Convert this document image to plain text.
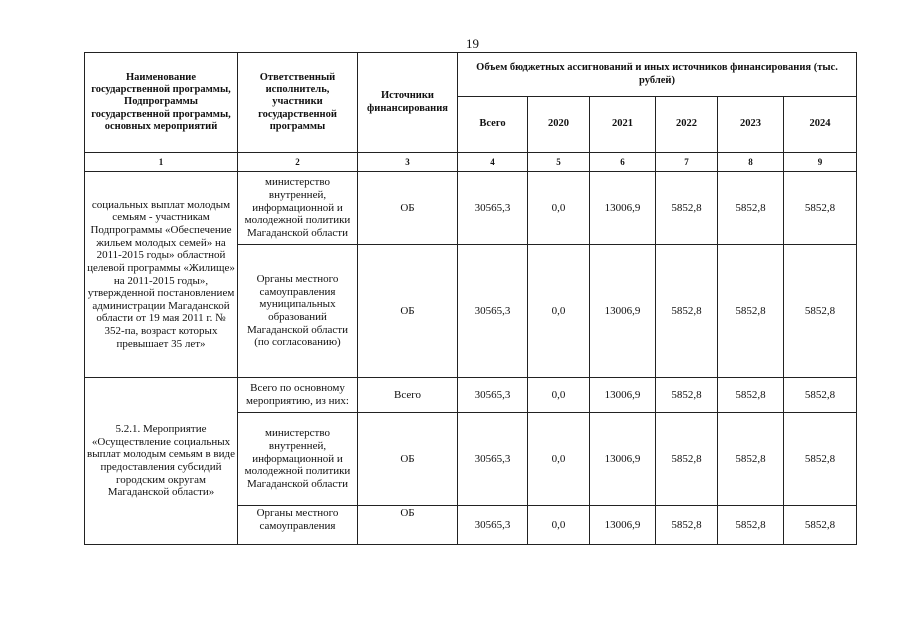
19
Наименование государственной программы, Подпрограммы государственной программы, основных мероприятий	Ответственный исполнитель, участники государственной программы	Источники финансирования	Объем бюджетных ассигнований и иных источников финансирования (тыс. рублей)					
			Всего	2020	2021	2022	2023	2024
1	2	3	4	5	6	7	8	9
социальных выплат молодым семьям - участникам Подпрограммы «Обеспечение жильем молодых семей» на 2011-2015 годы» областной целевой программы «Жилище» на 2011-2015 годы», утвержденной постановлением администрации Магаданской области от 19 мая 2011 г. № 352-па, возраст которых превышает 35 лет»	министерство внутренней, информационной и молодежной политики Магаданской области	ОБ	30565,3	0,0	13006,9	5852,8	5852,8	5852,8
	Органы местного самоуправления муниципальных образований Магаданской области (по согласованию)	ОБ	30565,3	0,0	13006,9	5852,8	5852,8	5852,8
5.2.1. Мероприятие «Осуществление социальных выплат молодым семьям в виде предоставления субсидий городским округам Магаданской области»	Всего по основному мероприятию, из них:	Всего	30565,3	0,0	13006,9	5852,8	5852,8	5852,8
	министерство внутренней, информационной и молодежной политики Магаданской области	ОБ	30565,3	0,0	13006,9	5852,8	5852,8	5852,8
	Органы местного самоуправления	ОБ	30565,3	0,0	13006,9	5852,8	5852,8	5852,8
